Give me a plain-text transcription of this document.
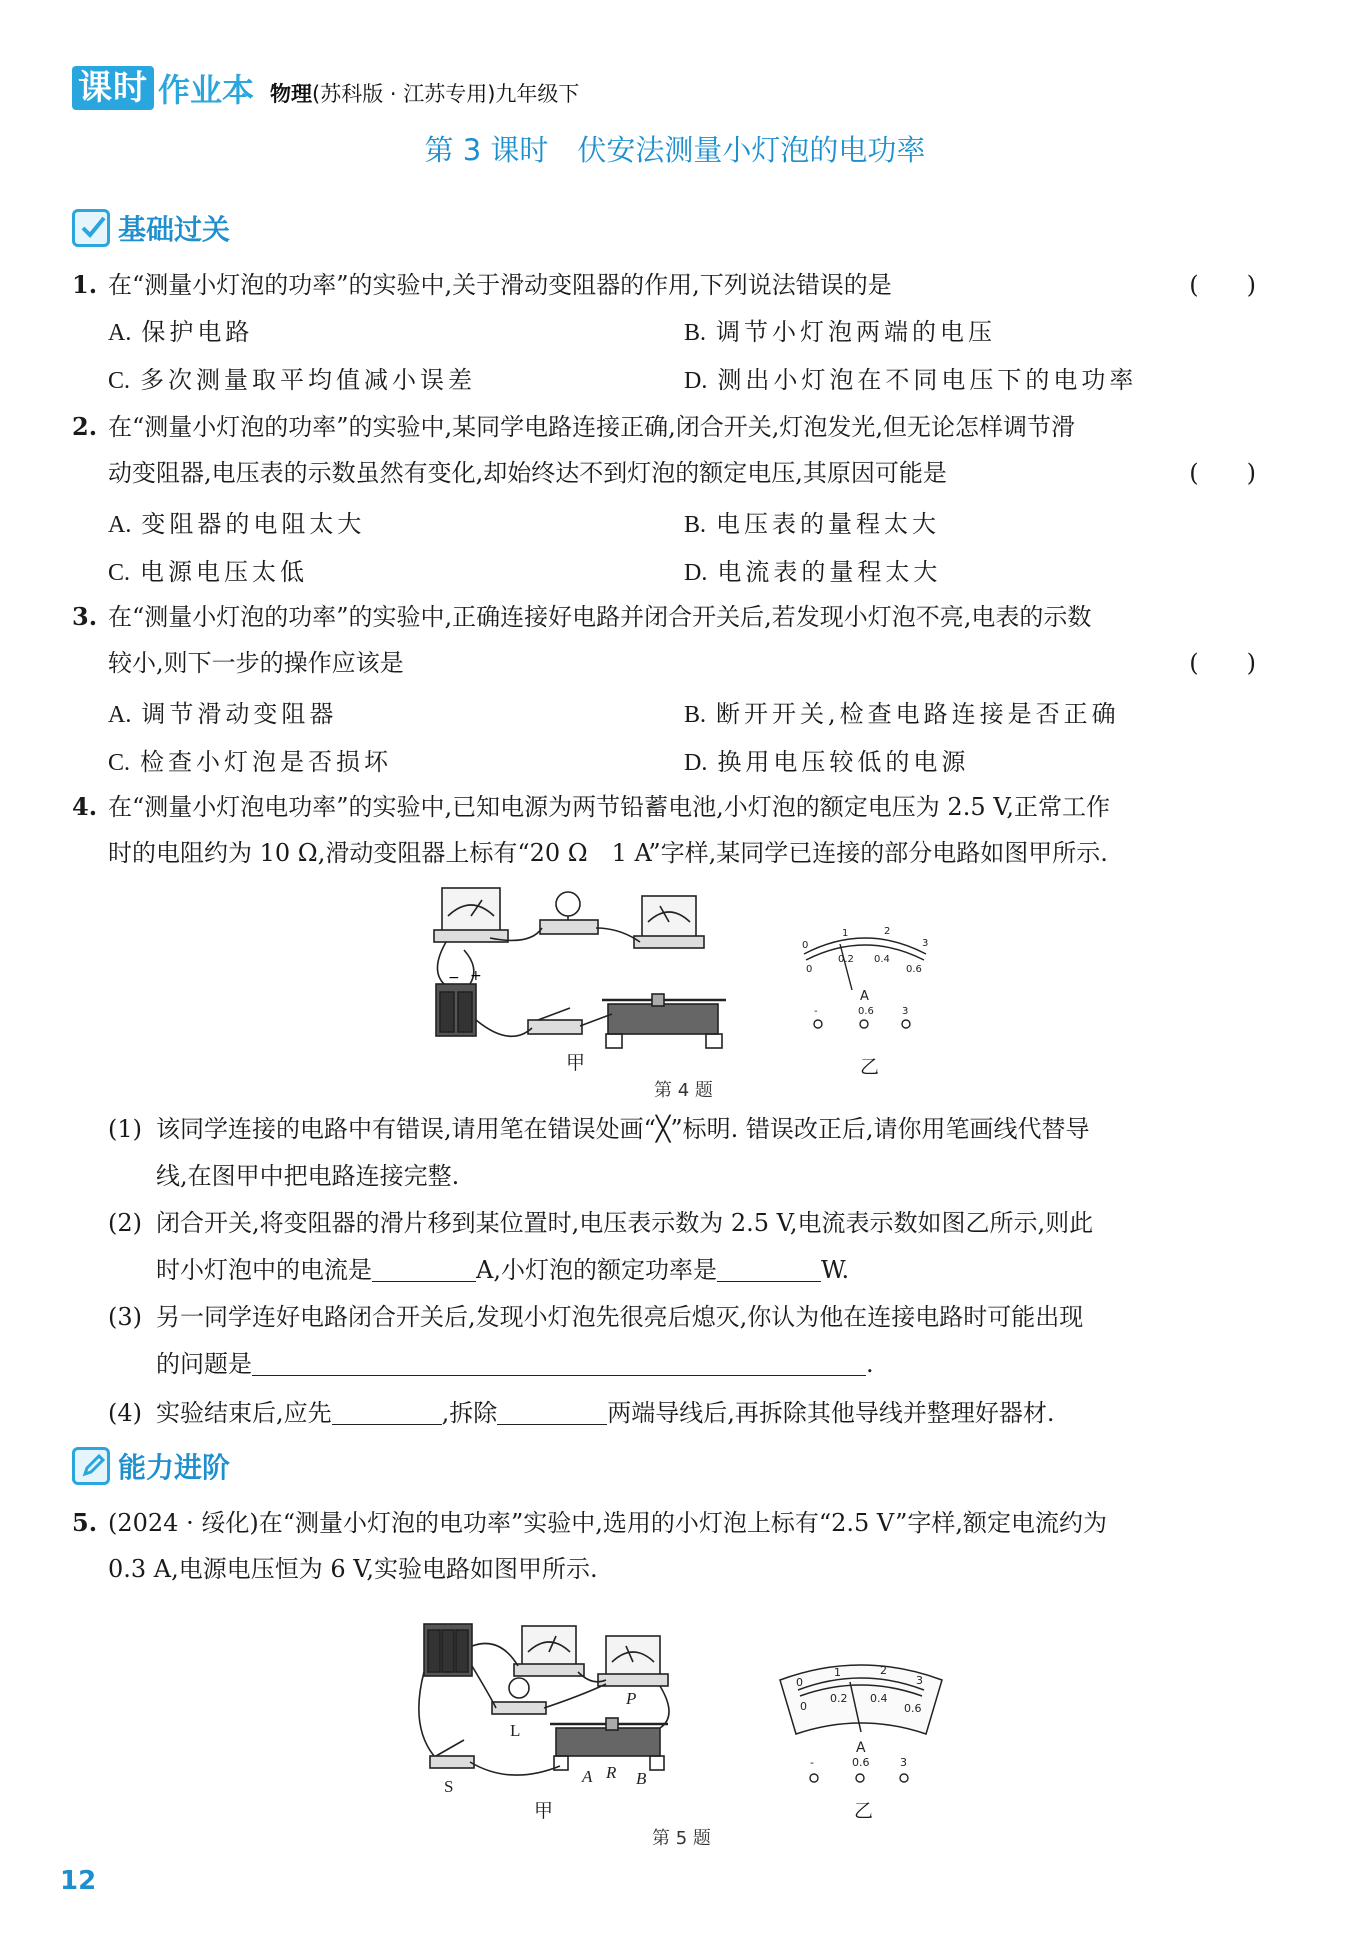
课时 作业本 物理(苏科版 · 江苏专用)九年级下
第 3 课时　伏安法测量小灯泡的电功率
基础过关
1. 在“测量小灯泡的功率”的实验中,关于滑动变阻器的作用,下列说法错误的是	(　　)
A. 保护电路	B. 调节小灯泡两端的电压
C. 多次测量取平均值减小误差	D. 测出小灯泡在不同电压下的电功率
2. 在“测量小灯泡的功率”的实验中,某同学电路连接正确,闭合开关,灯泡发光,但无论怎样调节滑
动变阻器,电压表的示数虽然有变化,却始终达不到灯泡的额定电压,其原因可能是	(　　)
A. 变阻器的电阻太大	B. 电压表的量程太大
C. 电源电压太低	D. 电流表的量程太大
3. 在“测量小灯泡的功率”的实验中,正确连接好电路并闭合开关后,若发现小灯泡不亮,电表的示数
较小,则下一步的操作应该是	(　　)
A. 调节滑动变阻器	B. 断开开关,检查电路连接是否正确
C. 检查小灯泡是否损坏	D. 换用电压较低的电源
4. 在“测量小灯泡电功率”的实验中,已知电源为两节铅蓄电池,小灯泡的额定电压为 2.5 V,正常工作
时的电阻约为 10 Ω,滑动变阻器上标有“20 Ω　1 A”字样,某同学已连接的部分电路如图甲所示.
− +
甲
0
1	2
3
0
0.2 0.4
0.6
A
-	0.6	3
乙
第 4 题
(1) 该同学连接的电路中有错误,请用笔在错误处画“╳”标明. 错误改正后,请你用笔画线代替导
线,在图甲中把电路连接完整.
(2) 闭合开关,将变阻器的滑片移到某位置时,电压表示数为 2.5 V,电流表示数如图乙所示,则此
时小灯泡中的电流是	A,小灯泡的额定功率是	W.
(3) 另一同学连好电路闭合开关后,发现小灯泡先很亮后熄灭,你认为他在连接电路时可能出现
的问题是	.
(4) 实验结束后,应先	,拆除	两端导线后,再拆除其他导线并整理好器材.
能力进阶
5. (2024 · 绥化)在“测量小灯泡的电功率”实验中,选用的小灯泡上标有“2.5 V”字样,额定电流约为
0.3 A,电源电压恒为 6 V,实验电路如图甲所示.
L
P
S
A R B
甲
0
1	2
3
0
0.2 0.4
0.6
A
-	0.6	3
乙
第 5 题
12
